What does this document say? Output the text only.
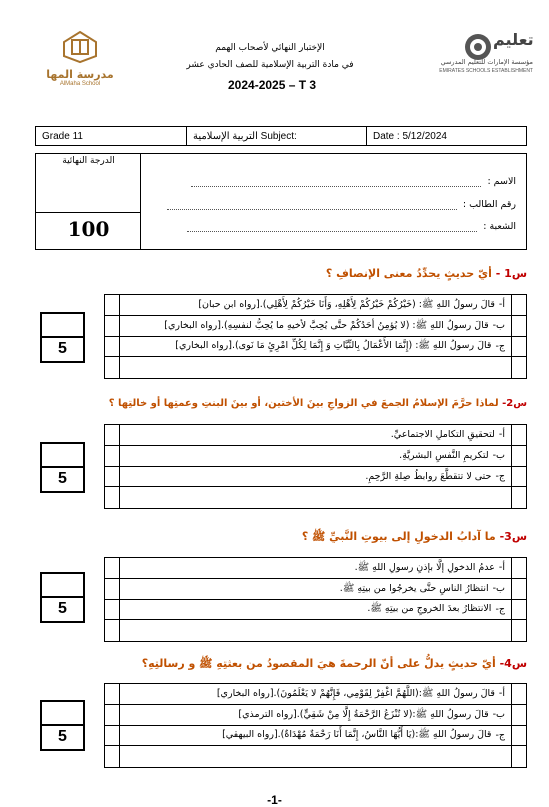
تعليم
مؤسسة الإمارات للتعليم المدرسي
EMIRATES SCHOOLS ESTABLISHMENT
الإختبار النهائي لأصحاب الهمم
في مادة التربية الإسلامية للصف الحادي عشر
2024-2025 – T 3
مدرسة المها
AlMaha School
Grade 11	التربية الإسلامية Subject:	Date : 5/12/2024
الدرجة النهائية
100
الاسم :
رقم الطالب :
الشعبة :
س1 - أيّ حديثٍ يحدِّدُ معنى الإنصافِ ؟
5
أ-
قالَ رسولُ اللهِ ﷺ: (خَيْرُكُمْ خَيْرُكُمْ لِأَهْلِهِ، وَأَنَا خَيْرُكُمْ لِأَهْلِي).[رواه ابن حبان]
ب-
قالَ رسولُ اللهِ ﷺ: (لا يُؤمِنُ أحَدُكُمْ حتَّى يُحِبَّ لأخيهِ ما يُحِبُّ لنفسِهِ).[رواه البخاري]
ج-
قالَ رسولُ اللهِ ﷺ: (إِنَّمَا الأَعْمَالُ بِالنِّيَّاتِ وَ إِنَّمَا لِكُلِّ امْرِئٍ مَا نَوى).[رواه البخاري]
س2- لماذا حرَّمَ الإسلامُ الجمعَ في الزواجِ بينَ الأختين، أو بينَ البنتِ وعمتِها أو خالتِها ؟
5
أ-
لتحقيقِ التكاملِ الاجتماعيِّ.
ب-
لتكريمِ النَّفسِ البشريَّةِ.
ج-
حتى لا تتقطَّعَ روابطُ صِلةِ الرَّحِمِ.
س3- ما آدابُ الدخولِ إلى بيوتِ النَّبيِّ ﷺ ؟
5
أ-
عدمُ الدخولِ إلَّا بإذنِ رسولِ اللهِ ﷺ.
ب-
انتظارُ الناسِ حتَّى يخرجُوا من بيتِهِ ﷺ.
ج-
الانتظارُ بعدَ الخروجِ من بيتِهِ ﷺ.
س4- أيّ حديثٍ يدلُّ على أنّ الرحمةَ هيَ المقصودُ من بعثتِهِ ﷺ و رسالتِهِ؟
5
أ-
قالَ رسولُ اللهِ ﷺ:(اللَّهُمَّ اغْفِرْ لِقَوْمِي، فَإِنَّهُمْ لا يَعْلَمُونَ).[رواه البخاري]
ب-
قالَ رسولُ اللهِ ﷺ:(لا تُنْزَعُ الرَّحْمَةُ إِلَّا مِنْ شَقِيٍّ).[رواه الترمذي]
ج-
قالَ رسولُ اللهِ ﷺ:(يَا أَيُّهَا النَّاسُ، إِنَّمَا أَنَا رَحْمَةٌ مُهْدَاةٌ).[رواه البيهقي]
-1-
